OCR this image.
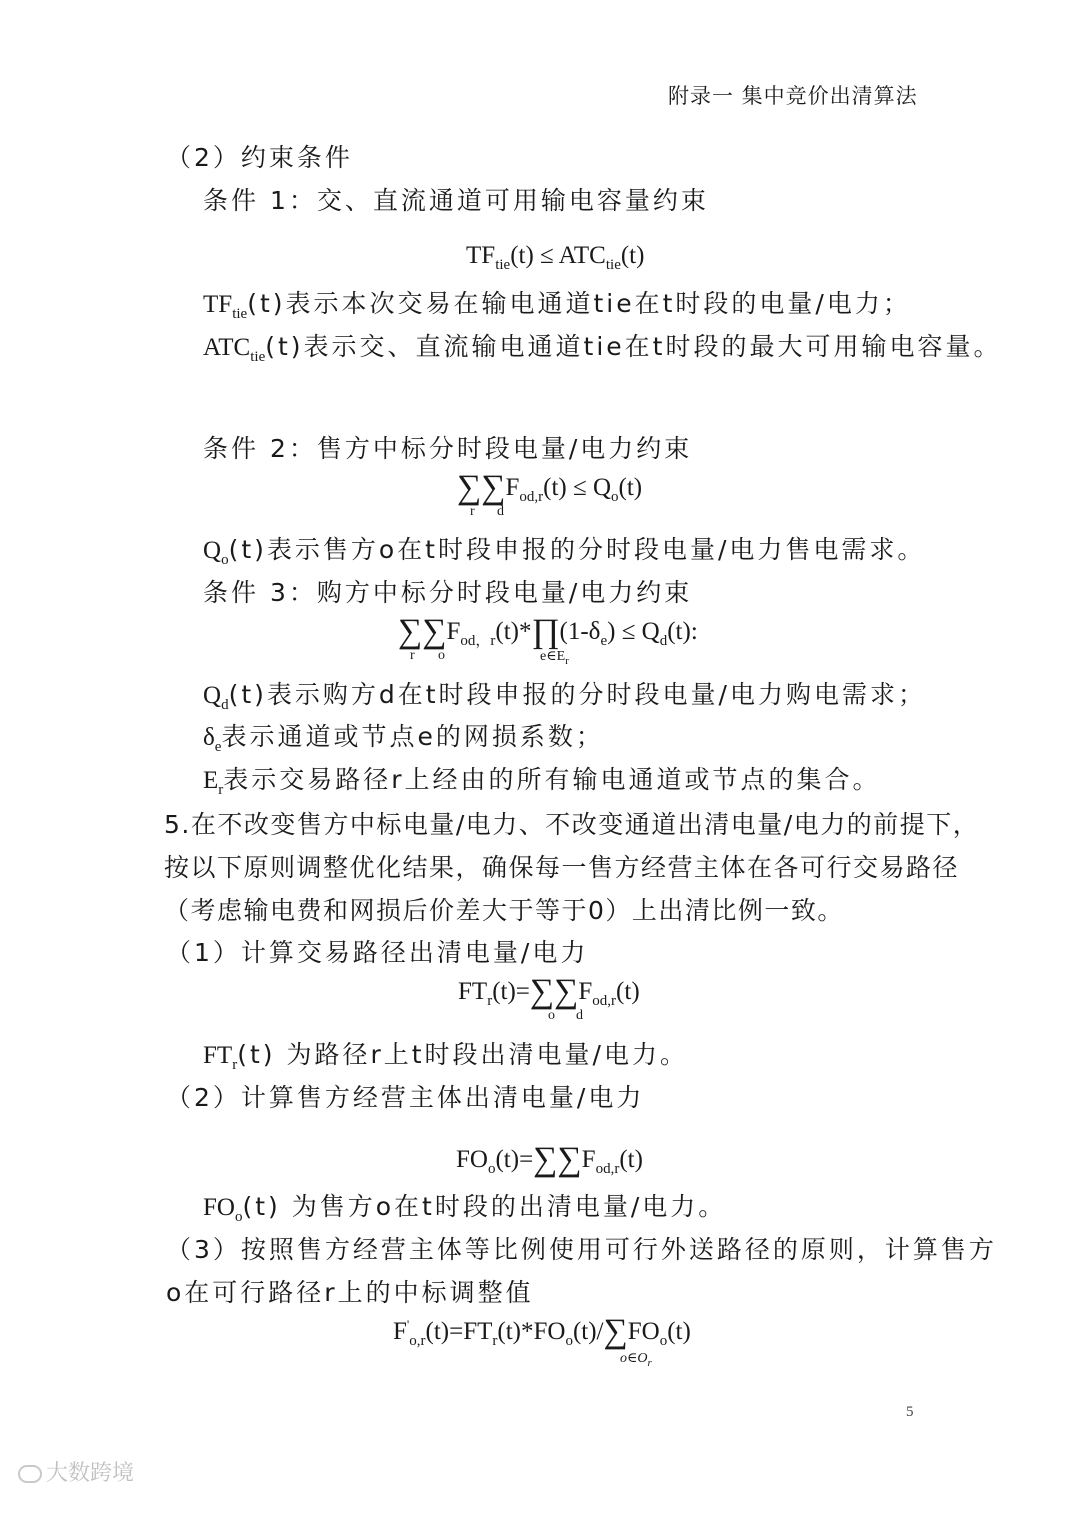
附录一 集中竞价出清算法
（2）约束条件
条件 1：交、直流通道可用输电容量约束
$TF_{tie}(t) \le ATC_{tie}(t)$
$TF_{tie}(t)$表示本次交易在输电通道tie在t时段的电量/电力；
$ATC_{tie}(t)$表示交、直流输电通道tie在t时段的最大可用输电容量。
条件 2：售方中标分时段电量/电力约束
$\sum\sum F_{od,r}(t) \le Q_o(t)$
r d
$Q_o(t)$表示售方o在t时段申报的分时段电量/电力售电需求。
条件 3：购方中标分时段电量/电力约束
$\sum\sum F_{od,r}(t)*\prod(1-\delta_e) \le Q_d(t)$:
r o	$e\in E_r$
$Q_d(t)$表示购方d在t时段申报的分时段电量/电力购电需求；
$\delta_e$表示通道或节点e的网损系数；
$E_r$表示交易路径r上经由的所有输电通道或节点的集合。
5.在不改变售方中标电量/电力、不改变通道出清电量/电力的前提下，
按以下原则调整优化结果，确保每一售方经营主体在各可行交易路径
（考虑输电费和网损后价差大于等于0）上出清比例一致。
（1）计算交易路径出清电量/电力
$FT_r(t)=\sum\sum F_{od,r}(t)$
o d
$FT_r(t)$ 为路径r上t时段出清电量/电力。
（2）计算售方经营主体出清电量/电力
$FO_o(t)=\sum\sum F_{od,r}(t)$
$FO_o(t)$ 为售方o在t时段的出清电量/电力。
（3）按照售方经营主体等比例使用可行外送路径的原则，计算售方
o在可行路径r上的中标调整值
$F'_{o,r}(t)=FT_r(t)*FO_o(t)/\sum FO_o(t)$
$o\in O_r$
5
大数跨境
